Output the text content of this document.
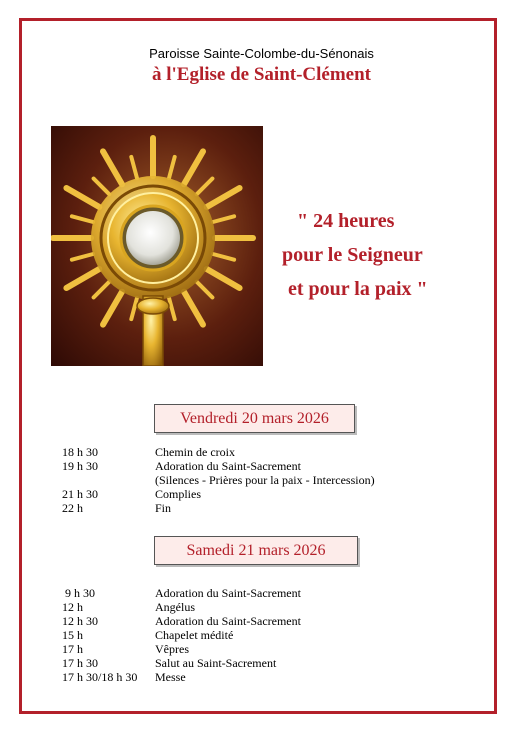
Paroisse Sainte-Colombe-du-Sénonais
à l'Eglise de Saint-Clément
" 24 heures
pour le Seigneur
et pour la paix "
Vendredi 20 mars 2026
Samedi 21 mars 2026
18 h 30	Chemin de croix
19 h 30	Adoration du Saint-Sacrement
(Silences - Prières pour la paix - Intercession)
21 h 30	Complies
22 h	Fin
9 h 30	Adoration du Saint-Sacrement
12 h	Angélus
12 h 30	Adoration du Saint-Sacrement
15 h	Chapelet médité
17 h	Vêpres
17 h 30	Salut au Saint-Sacrement
17 h 30/18 h 30 Messe
